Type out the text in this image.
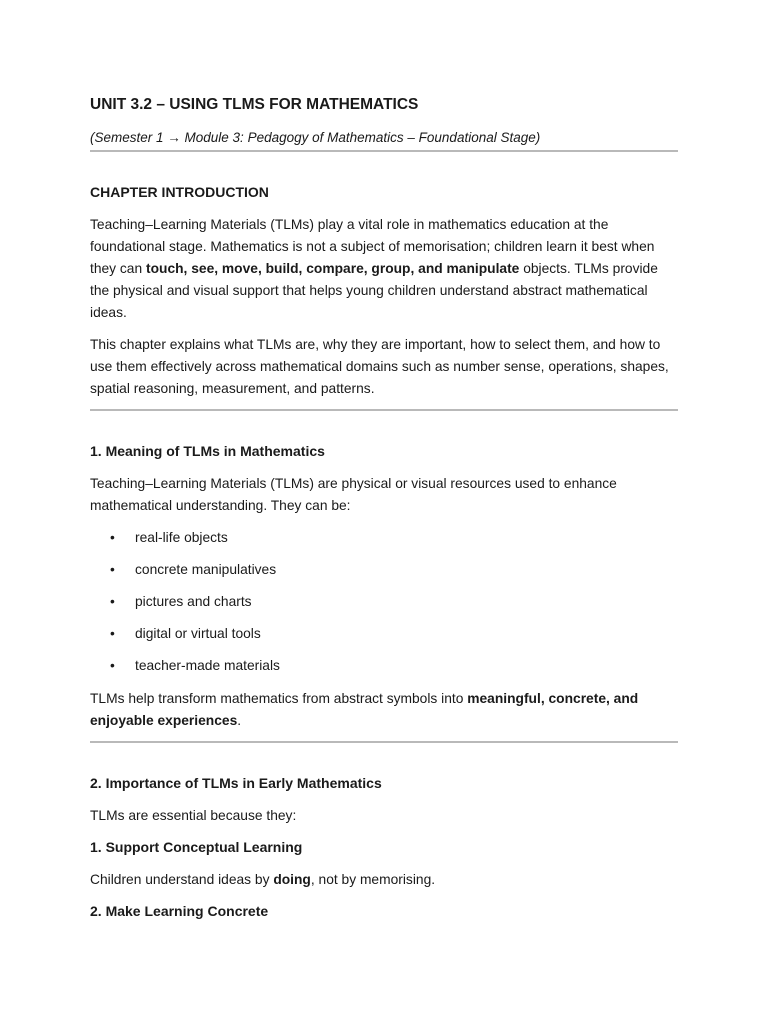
UNIT 3.2 – USING TLMS FOR MATHEMATICS

(Semester 1 → Module 3: Pedagogy of Mathematics – Foundational Stage)

CHAPTER INTRODUCTION

Teaching–Learning Materials (TLMs) play a vital role in mathematics education at the foundational stage. Mathematics is not a subject of memorisation; children learn it best when they can touch, see, move, build, compare, group, and manipulate objects. TLMs provide the physical and visual support that helps young children understand abstract mathematical ideas.

This chapter explains what TLMs are, why they are important, how to select them, and how to use them effectively across mathematical domains such as number sense, operations, shapes, spatial reasoning, measurement, and patterns.

1. Meaning of TLMs in Mathematics

Teaching–Learning Materials (TLMs) are physical or visual resources used to enhance mathematical understanding. They can be:

• real-life objects
• concrete manipulatives
• pictures and charts
• digital or virtual tools
• teacher-made materials

TLMs help transform mathematics from abstract symbols into meaningful, concrete, and enjoyable experiences.

2. Importance of TLMs in Early Mathematics

TLMs are essential because they:

1. Support Conceptual Learning

Children understand ideas by doing, not by memorising.

2. Make Learning Concrete
